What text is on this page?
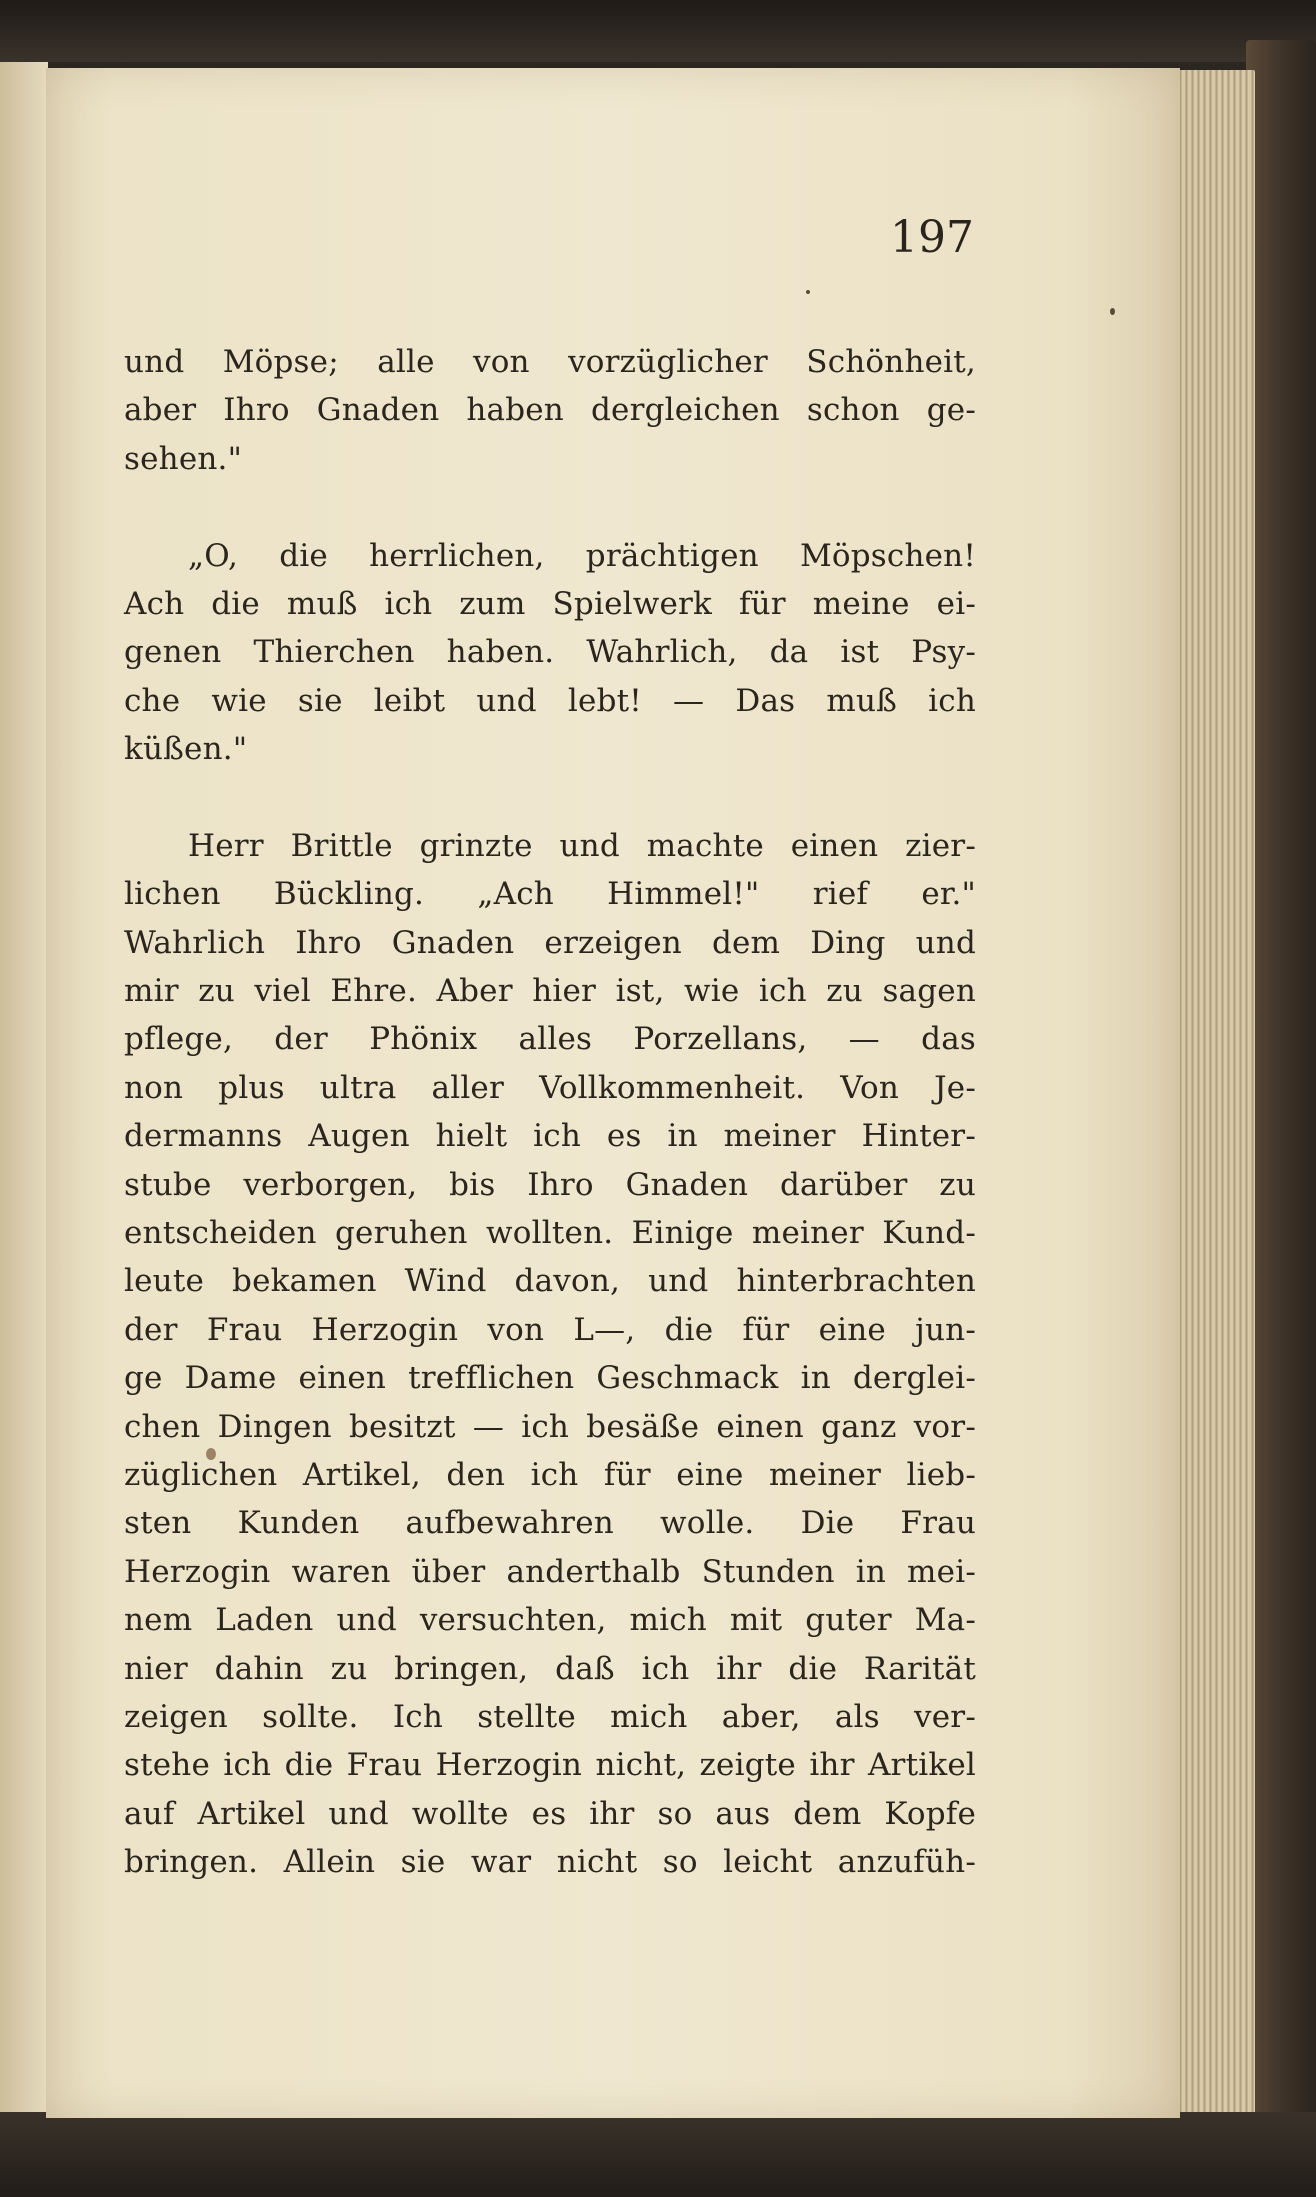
197
und Möpse; alle von vorzüglicher Schönheit,
aber Ihro Gnaden haben dergleichen schon ge-
sehen."
„O, die herrlichen, prächtigen Möpschen!
Ach die muß ich zum Spielwerk für meine ei-
genen Thierchen haben. Wahrlich, da ist Psy-
che wie sie leibt und lebt! — Das muß ich
küßen."
Herr Brittle grinzte und machte einen zier-
lichen Bückling. „Ach Himmel!" rief er."
Wahrlich Ihro Gnaden erzeigen dem Ding und
mir zu viel Ehre. Aber hier ist, wie ich zu sagen
pflege, der Phönix alles Porzellans, — das
non plus ultra aller Vollkommenheit. Von Je-
dermanns Augen hielt ich es in meiner Hinter-
stube verborgen, bis Ihro Gnaden darüber zu
entscheiden geruhen wollten. Einige meiner Kund-
leute bekamen Wind davon, und hinterbrachten
der Frau Herzogin von L—, die für eine jun-
ge Dame einen trefflichen Geschmack in derglei-
chen Dingen besitzt — ich besäße einen ganz vor-
züglichen Artikel, den ich für eine meiner lieb-
sten Kunden aufbewahren wolle. Die Frau
Herzogin waren über anderthalb Stunden in mei-
nem Laden und versuchten, mich mit guter Ma-
nier dahin zu bringen, daß ich ihr die Rarität
zeigen sollte. Ich stellte mich aber, als ver-
stehe ich die Frau Herzogin nicht, zeigte ihr Artikel
auf Artikel und wollte es ihr so aus dem Kopfe
bringen. Allein sie war nicht so leicht anzufüh-
